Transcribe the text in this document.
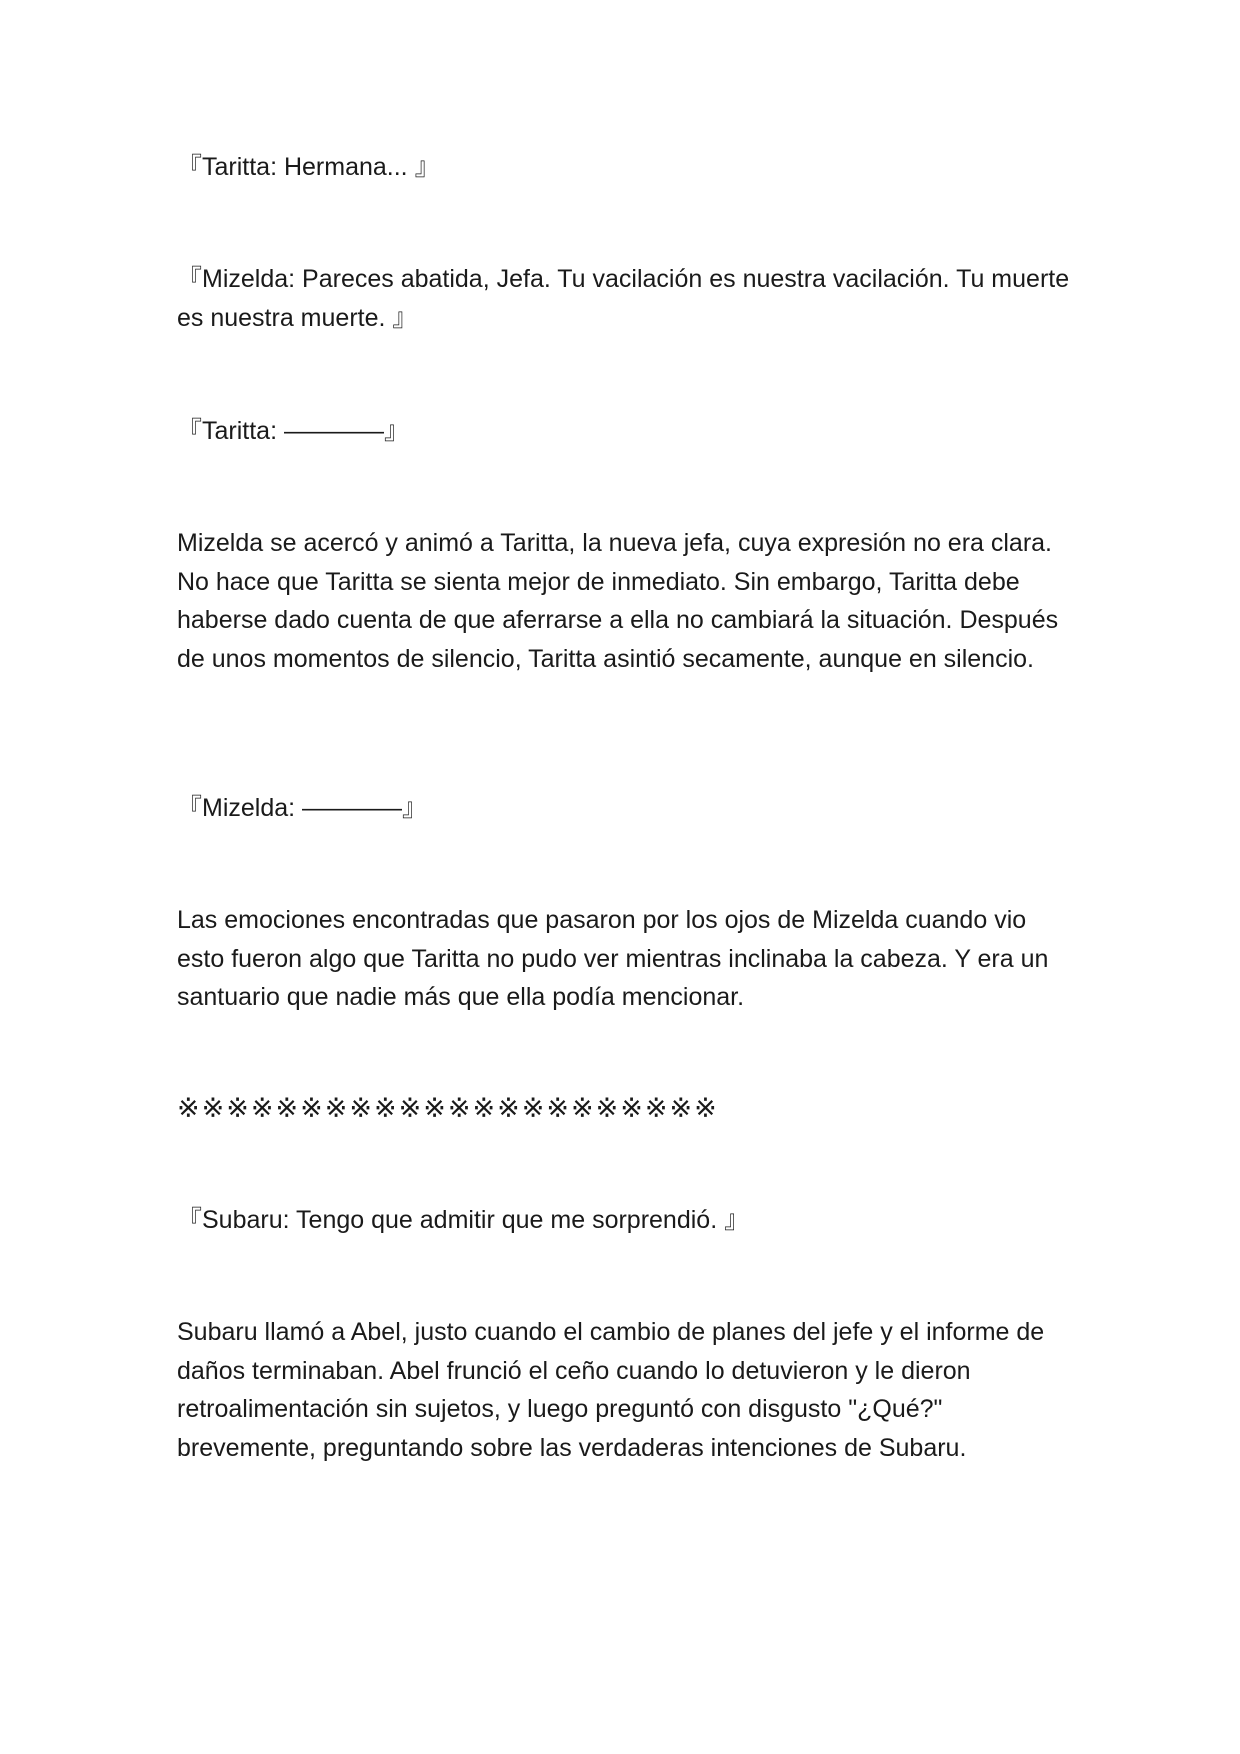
『Taritta: Hermana... 』

『Mizelda: Pareces abatida, Jefa. Tu vacilación es nuestra vacilación. Tu muerte es nuestra muerte. 』

『Taritta: ————』

Mizelda se acercó y animó a Taritta, la nueva jefa, cuya expresión no era clara. No hace que Taritta se sienta mejor de inmediato. Sin embargo, Taritta debe haberse dado cuenta de que aferrarse a ella no cambiará la situación. Después de unos momentos de silencio, Taritta asintió secamente, aunque en silencio.

『Mizelda: ————』

Las emociones encontradas que pasaron por los ojos de Mizelda cuando vio esto fueron algo que Taritta no pudo ver mientras inclinaba la cabeza. Y era un santuario que nadie más que ella podía mencionar.

※※※※※※※※※※※※※※※※※※※※※※

『Subaru: Tengo que admitir que me sorprendió. 』

Subaru llamó a Abel, justo cuando el cambio de planes del jefe y el informe de daños terminaban. Abel frunció el ceño cuando lo detuvieron y le dieron retroalimentación sin sujetos, y luego preguntó con disgusto "¿Qué?" brevemente, preguntando sobre las verdaderas intenciones de Subaru.
